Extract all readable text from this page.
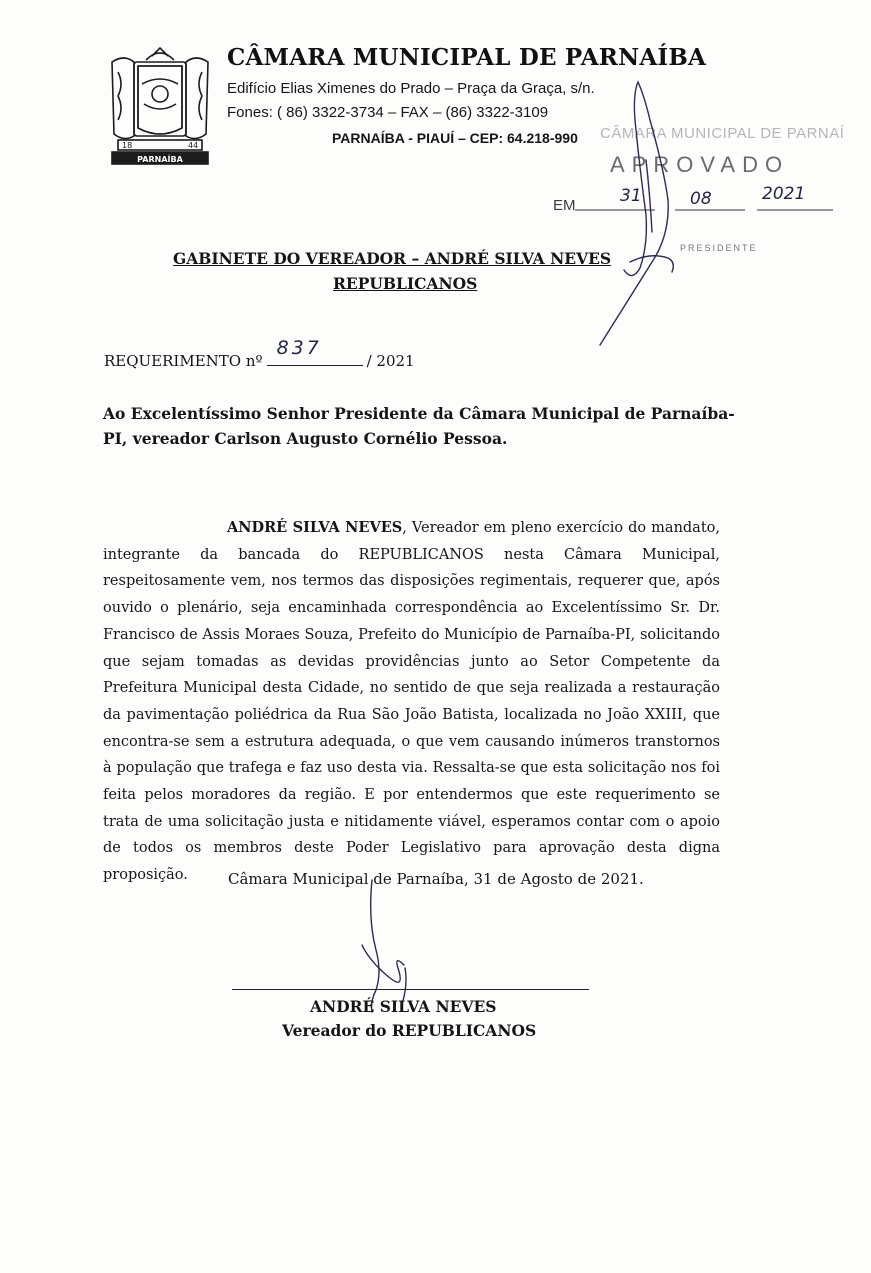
18	44
PARNAÍBA
CÂMARA MUNICIPAL DE PARNAÍBA
Edifício Elias Ximenes do Prado – Praça da Graça, s/n.
Fones: ( 86) 3322-3734 – FAX – (86) 3322-3109
PARNAÍBA - PIAUÍ – CEP: 64.218-990 CÂMARA MUNICIPAL DE PARNAÍ
APROVADO
EM	31	08	2021
PRESIDENTE
GABINETE DO VEREADOR – ANDRÉ SILVA NEVES
REPUBLICANOS
REQUERIMENTO nº
837
/ 2021

Ao Excelentíssimo Senhor Presidente da Câmara Municipal de Parnaíba-PI, vereador Carlson Augusto Cornélio Pessoa.

ANDRÉ SILVA NEVES, Vereador em pleno exercício do mandato, integrante da bancada do REPUBLICANOS nesta Câmara Municipal, respeitosamente vem, nos termos das disposições regimentais, requerer que, após ouvido o plenário, seja encaminhada correspondência ao Excelentíssimo Sr. Dr. Francisco de Assis Moraes Souza, Prefeito do Município de Parnaíba-PI, solicitando que sejam tomadas as devidas providências junto ao Setor Competente da Prefeitura Municipal desta Cidade, no sentido de que seja realizada a restauração da pavimentação poliédrica da Rua São João Batista, localizada no João XXIII, que encontra-se sem a estrutura adequada, o que vem causando inúmeros transtornos à população que trafega e faz uso desta via. Ressalta-se que esta solicitação nos foi feita pelos moradores da região. E por entendermos que este requerimento se trata de uma solicitação justa e nitidamente viável, esperamos contar com o apoio de todos os membros deste Poder Legislativo para aprovação desta digna proposição.	Câmara Municipal de Parnaíba, 31 de Agosto de 2021.
ANDRÉ SILVA NEVES
Vereador do REPUBLICANOS
